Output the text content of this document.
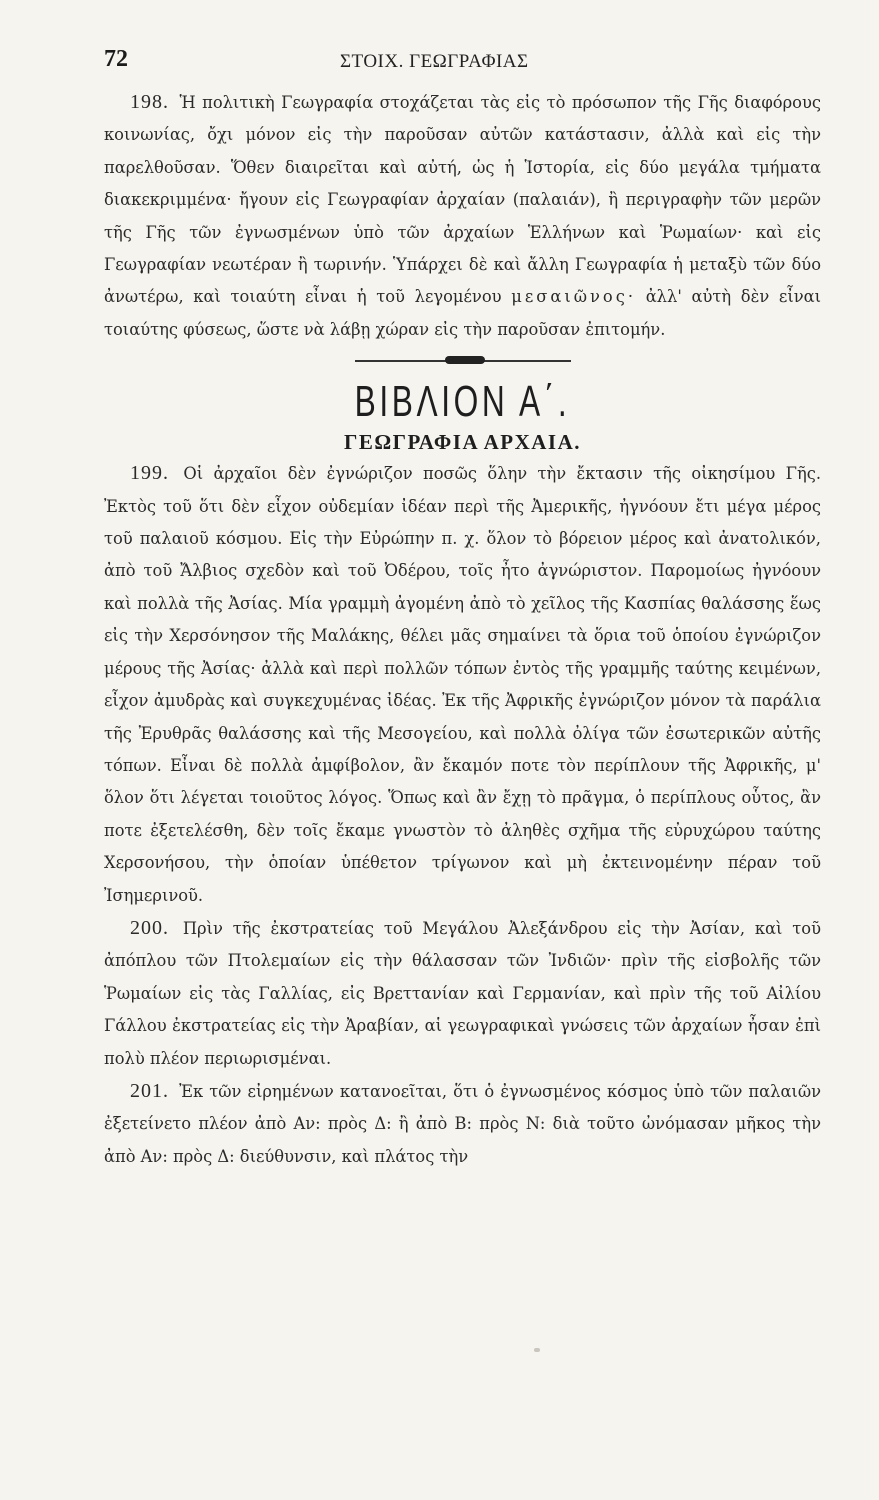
72	ΣΤΟΙΧ. ΓΕΩΓΡΑΦΙΑΣ

198. Ἡ πολιτικὴ Γεωγραφία στοχάζεται τὰς εἰς τὸ πρόσωπον τῆς Γῆς διαφόρους κοινωνίας, ὄχι μόνον εἰς τὴν παροῦσαν αὐτῶν κατάστασιν, ἀλλὰ καὶ εἰς τὴν παρελθοῦσαν. Ὅθεν διαιρεῖται καὶ αὐτή, ὡς ἡ Ἱστορία, εἰς δύο μεγάλα τμήματα διακεκριμμένα· ἤγουν εἰς Γεωγραφίαν ἀρχαίαν (παλαιάν), ἢ περιγραφὴν τῶν μερῶν τῆς Γῆς τῶν ἐγνωσμένων ὑπὸ τῶν ἀρχαίων Ἑλλήνων καὶ Ῥωμαίων· καὶ εἰς Γεωγραφίαν νεωτέραν ἢ τωρινήν. Ὑπάρχει δὲ καὶ ἄλλη Γεωγραφία ἡ μεταξὺ τῶν δύο ἀνωτέρω, καὶ τοιαύτη εἶναι ἡ τοῦ λεγομένου μεσαιῶνος· ἀλλ' αὐτὴ δὲν εἶναι τοιαύτης φύσεως, ὥστε νὰ λάβῃ χώραν εἰς τὴν παροῦσαν ἐπιτομήν.

ΒΙΒΛΙΟΝ Α΄.
ΓΕΩΓΡΑΦΙΑ ΑΡΧΑΙΑ.

199. Οἱ ἀρχαῖοι δὲν ἐγνώριζον ποσῶς ὅλην τὴν ἔκτασιν τῆς οἰκησίμου Γῆς. Ἐκτὸς τοῦ ὅτι δὲν εἶχον οὐδεμίαν ἰδέαν περὶ τῆς Ἀμερικῆς, ἠγνόουν ἔτι μέγα μέρος τοῦ παλαιοῦ κόσμου. Εἰς τὴν Εὐρώπην π. χ. ὅλον τὸ βόρειον μέρος καὶ ἀνατολικόν, ἀπὸ τοῦ Ἄλβιος σχεδὸν καὶ τοῦ Ὀδέρου, τοῖς ἦτο ἀγνώριστον. Παρομοίως ἠγνόουν καὶ πολλὰ τῆς Ἀσίας. Μία γραμμὴ ἀγομένη ἀπὸ τὸ χεῖλος τῆς Κασπίας θαλάσσης ἕως εἰς τὴν Χερσόνησον τῆς Μαλάκης, θέλει μᾶς σημαίνει τὰ ὅρια τοῦ ὁποίου ἐγνώριζον μέρους τῆς Ἀσίας· ἀλλὰ καὶ περὶ πολλῶν τόπων ἐντὸς τῆς γραμμῆς ταύτης κειμένων, εἶχον ἀμυδρὰς καὶ συγκεχυμένας ἰδέας. Ἐκ τῆς Ἀφρικῆς ἐγνώριζον μόνον τὰ παράλια τῆς Ἐρυθρᾶς θαλάσσης καὶ τῆς Μεσογείου, καὶ πολλὰ ὀλίγα τῶν ἐσωτερικῶν αὐτῆς τόπων. Εἶναι δὲ πολλὰ ἀμφίβολον, ἂν ἔκαμόν ποτε τὸν περίπλουν τῆς Ἀφρικῆς, μ' ὅλον ὅτι λέγεται τοιοῦτος λόγος. Ὅπως καὶ ἂν ἔχῃ τὸ πρᾶγμα, ὁ περίπλους οὗτος, ἂν ποτε ἐξετελέσθη, δὲν τοῖς ἔκαμε γνωστὸν τὸ ἀληθὲς σχῆμα τῆς εὐρυχώρου ταύτης Χερσονήσου, τὴν ὁποίαν ὑπέθετον τρίγωνον καὶ μὴ ἐκτεινομένην πέραν τοῦ Ἰσημερινοῦ.

200. Πρὶν τῆς ἐκστρατείας τοῦ Μεγάλου Ἀλεξάνδρου εἰς τὴν Ἀσίαν, καὶ τοῦ ἀπόπλου τῶν Πτολεμαίων εἰς τὴν θάλασσαν τῶν Ἰνδιῶν· πρὶν τῆς εἰσβολῆς τῶν Ῥωμαίων εἰς τὰς Γαλλίας, εἰς Βρεττανίαν καὶ Γερμανίαν, καὶ πρὶν τῆς τοῦ Αἰλίου Γάλλου ἐκστρατείας εἰς τὴν Ἀραβίαν, αἱ γεωγραφικαὶ γνώσεις τῶν ἀρχαίων ἦσαν ἐπὶ πολὺ πλέον περιωρισμέναι.

201. Ἐκ τῶν εἰρημένων κατανοεῖται, ὅτι ὁ ἐγνωσμένος κόσμος ὑπὸ τῶν παλαιῶν ἐξετείνετο πλέον ἀπὸ Αν: πρὸς Δ: ἢ ἀπὸ Β: πρὸς Ν: διὰ τοῦτο ὠνόμασαν μῆκος τὴν ἀπὸ Αν: πρὸς Δ: διεύθυνσιν, καὶ πλάτος τὴν
